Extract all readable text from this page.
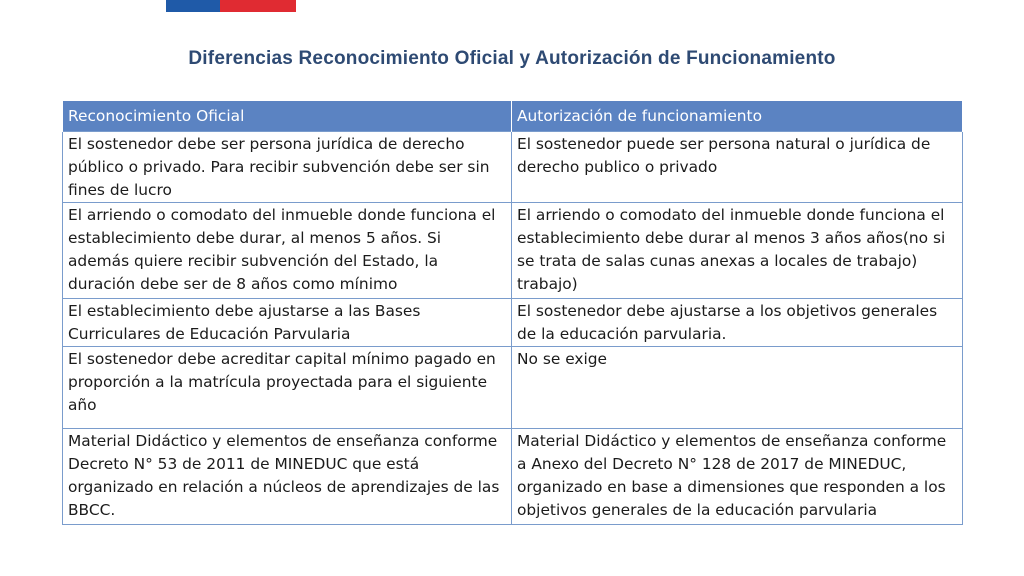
Diferencias Reconocimiento Oficial y Autorización de Funcionamiento
Reconocimiento Oficial	Autorización de funcionamiento
El sostenedor debe ser persona jurídica de derecho público o privado. Para recibir subvención debe ser sin fines de lucro	El sostenedor puede ser persona natural o jurídica de derecho publico o privado
El arriendo o comodato del inmueble donde funciona el establecimiento debe durar, al menos 5 años. Si además quiere recibir subvención del Estado, la duración debe ser de 8 años como mínimo	El arriendo o comodato del inmueble donde funciona el establecimiento debe durar al menos 3 años años(no si se trata de salas cunas anexas a locales de trabajo) trabajo)
El establecimiento debe ajustarse a las Bases Curriculares de Educación Parvularia	El sostenedor debe ajustarse a los objetivos generales de la educación parvularia.
El sostenedor debe acreditar capital mínimo pagado en proporción a la matrícula proyectada para el siguiente año	No se exige
Material Didáctico y elementos de enseñanza conforme Decreto N° 53 de 2011 de MINEDUC que está organizado en relación a núcleos de aprendizajes de las BBCC.	Material Didáctico y elementos de enseñanza conforme a Anexo del Decreto N° 128 de 2017 de MINEDUC, organizado en base a dimensiones que responden a los objetivos generales de la educación parvularia
